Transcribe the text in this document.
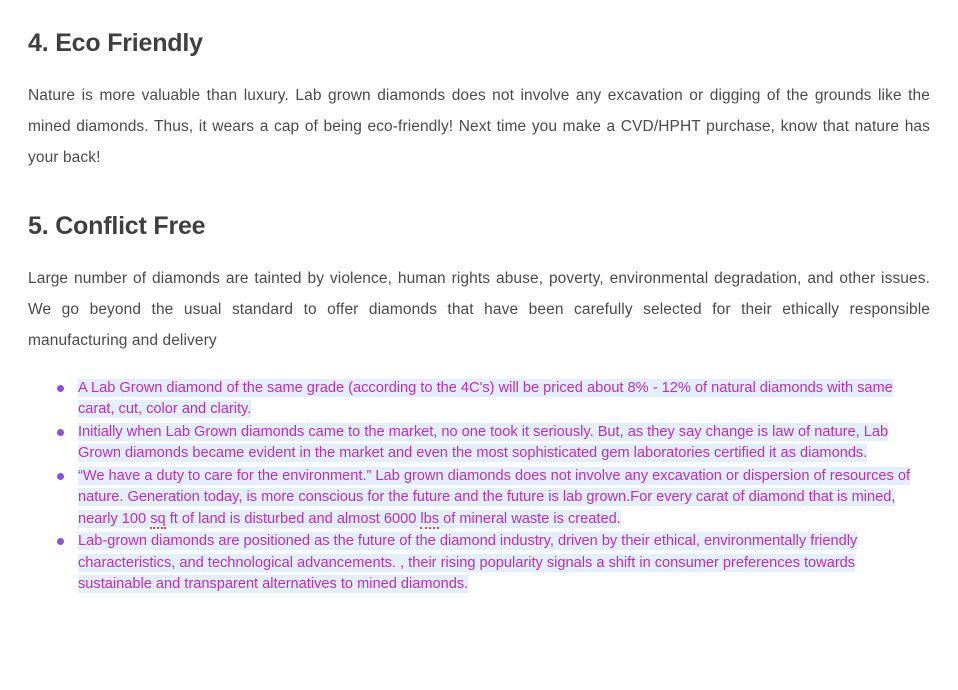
4. Eco Friendly

Nature is more valuable than luxury. Lab grown diamonds does not involve any excavation or digging of the grounds like the mined diamonds. Thus, it wears a cap of being eco-friendly! Next time you make a CVD/HPHT purchase, know that nature has your back!

5. Conflict Free

Large number of diamonds are tainted by violence, human rights abuse, poverty, environmental degradation, and other issues. We go beyond the usual standard to offer diamonds that have been carefully selected for their ethically responsible manufacturing and delivery

A Lab Grown diamond of the same grade (according to the 4C's) will be priced about 8% - 12% of natural diamonds with same carat, cut, color and clarity.
Initially when Lab Grown diamonds came to the market, no one took it seriously. But, as they say change is law of nature, Lab Grown diamonds became evident in the market and even the most sophisticated gem laboratories certified it as diamonds.
“We have a duty to care for the environment.” Lab grown diamonds does not involve any excavation or dispersion of resources of nature. Generation today, is more conscious for the future and the future is lab grown.For every carat of diamond that is mined, nearly 100 sq ft of land is disturbed and almost 6000 lbs of mineral waste is created.
Lab-grown diamonds are positioned as the future of the diamond industry, driven by their ethical, environmentally friendly characteristics, and technological advancements. , their rising popularity signals a shift in consumer preferences towards sustainable and transparent alternatives to mined diamonds.
